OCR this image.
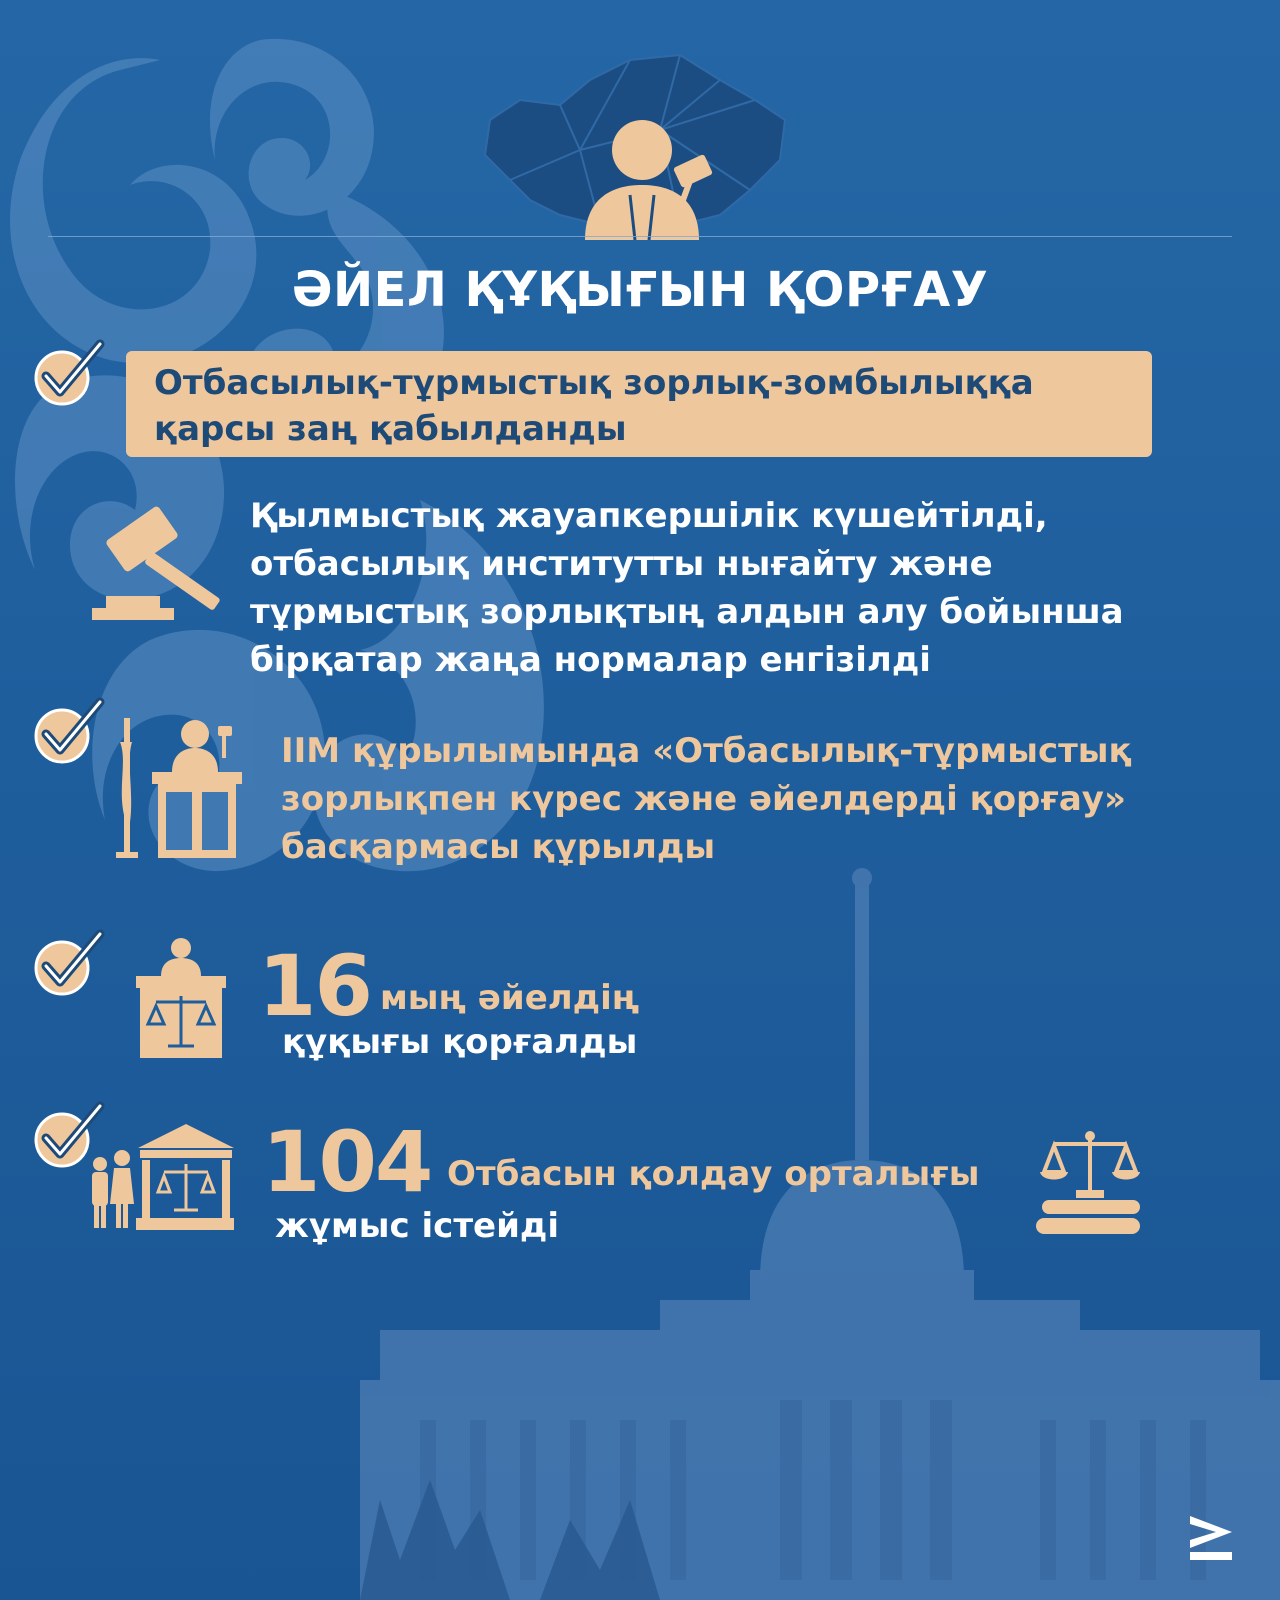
ӘЙЕЛ ҚҰҚЫҒЫН ҚОРҒАУ
Отбасылық-тұрмыстық зорлық-зомбылыққа
қарсы заң қабылданды
Қылмыстық жауапкершілік күшейтілді,
отбасылық институтты нығайту және
тұрмыстық зорлықтың алдын алу бойынша
бірқатар жаңа нормалар енгізілді
ІІМ құрылымында «Отбасылық-тұрмыстық
зорлықпен күрес және әйелдерді қорғау»
басқармасы құрылды
16 мың әйелдің
құқығы қорғалды
104 Отбасын қолдау орталығы
жұмыс істейді
